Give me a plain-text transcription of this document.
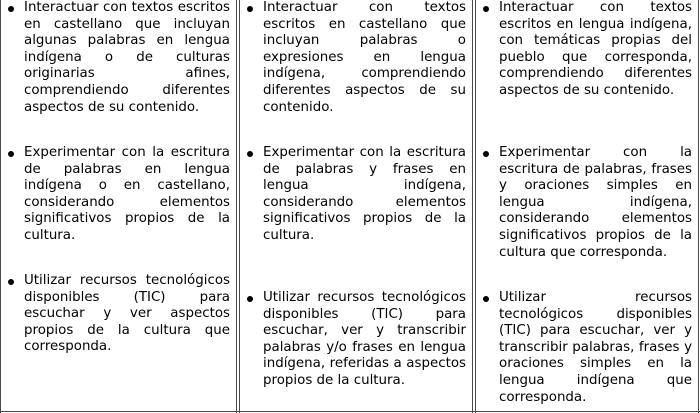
Interactuar con textos escritos en castellano que incluyan algunas palabras en lengua indígena o de culturas originarias afines, comprendiendo diferentes aspectos de su contenido.

Experimentar con la escritura de palabras en lengua indígena o en castellano, considerando elementos significativos propios de la cultura.

Utilizar recursos tecnológicos disponibles (TIC) para escuchar y ver aspectos propios de la cultura que corresponda.

Interactuar con textos escritos en castellano que incluyan palabras o expresiones en lengua indígena, comprendiendo diferentes aspectos de su contenido.

Experimentar con la escritura de palabras y frases en lengua indígena, considerando elementos significativos propios de la cultura.

Utilizar recursos tecnológicos disponibles (TIC) para escuchar, ver y transcribir palabras y/o frases en lengua indígena, referidas a aspectos propios de la cultura.

Interactuar con textos escritos en lengua indígena, con temáticas propias del pueblo que corresponda, comprendiendo diferentes aspectos de su contenido.

Experimentar con la escritura de palabras, frases y oraciones simples en lengua indígena, considerando elementos significativos propios de la cultura que corresponda.

Utilizar recursos tecnológicos disponibles (TIC) para escuchar, ver y transcribir palabras, frases y oraciones simples en la lengua indígena que corresponda.
